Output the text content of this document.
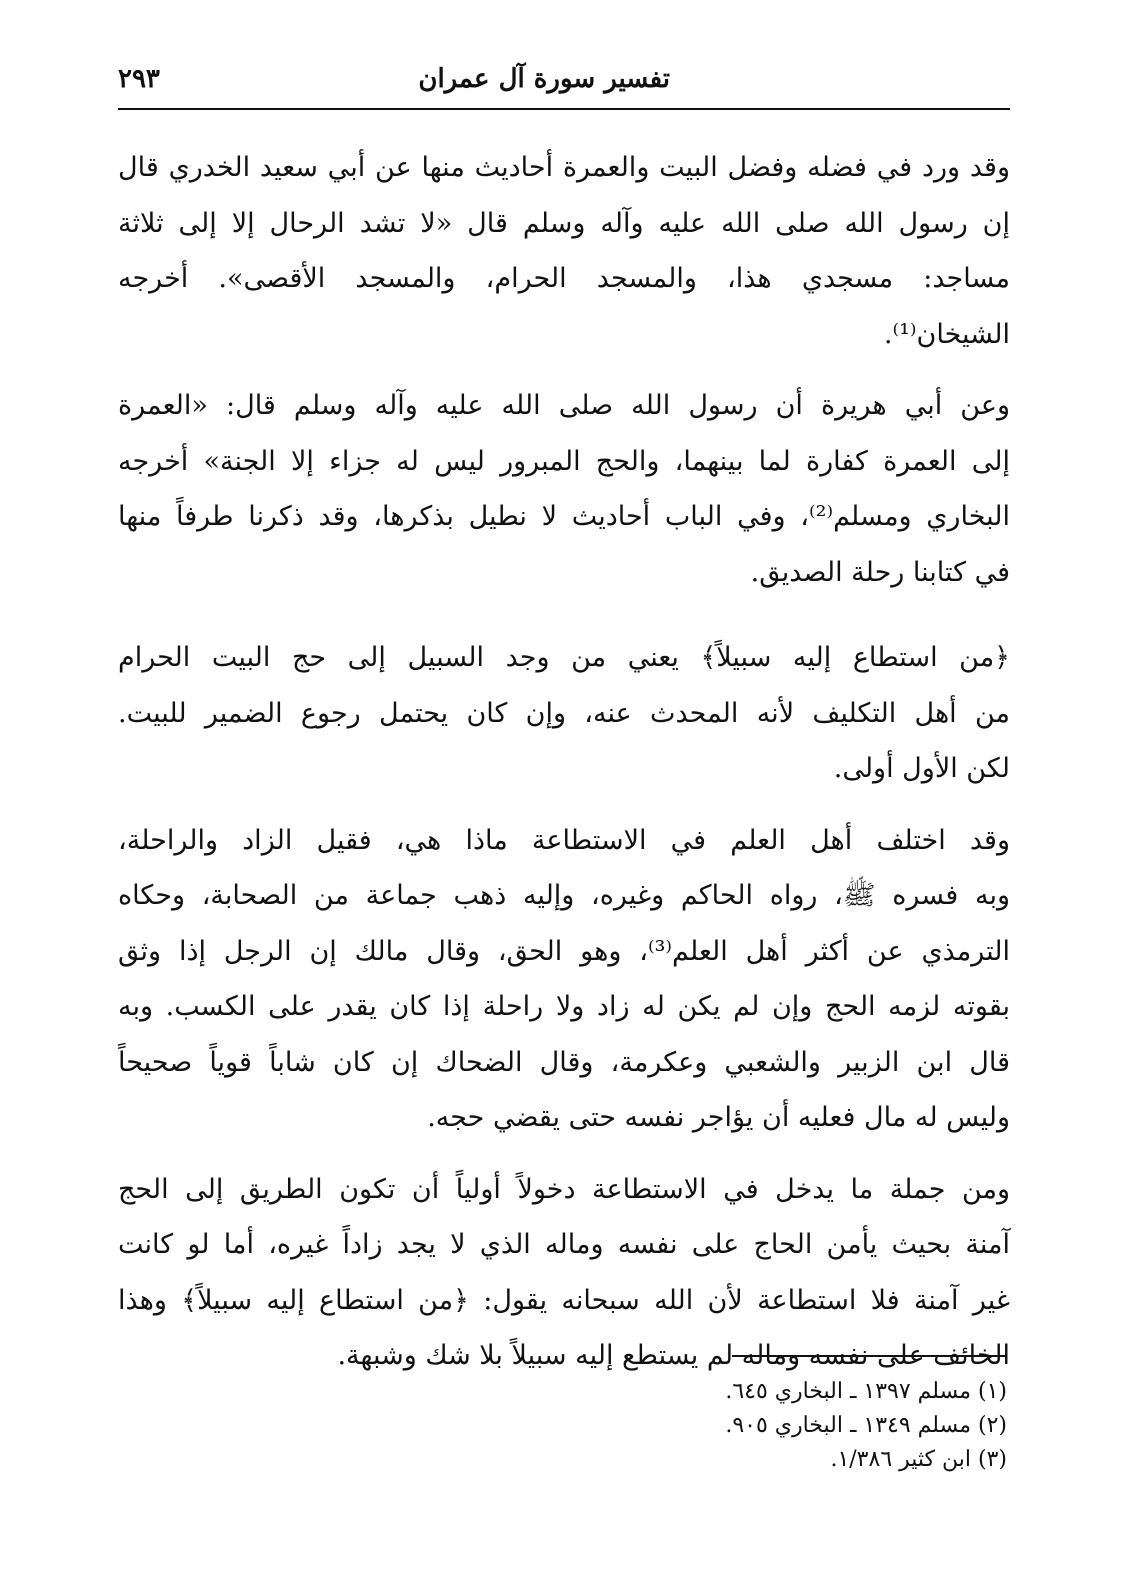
تفسير سورة آل عمران
٢٩٣

وقد ورد في فضله وفضل البيت والعمرة أحاديث منها عن أبي سعيد الخدري قال
إن رسول الله صلى الله عليه وآله وسلم قال «لا تشد الرحال إلا إلى ثلاثة
مساجد: مسجدي هذا، والمسجد الحرام، والمسجد الأقصى». أخرجه
الشيخان⁽¹⁾.

وعن أبي هريرة أن رسول الله صلى الله عليه وآله وسلم قال: «العمرة
إلى العمرة كفارة لما بينهما، والحج المبرور ليس له جزاء إلا الجنة» أخرجه
البخاري ومسلم⁽²⁾، وفي الباب أحاديث لا نطيل بذكرها، وقد ذكرنا طرفاً منها
في كتابنا رحلة الصديق.

﴿من استطاع إليه سبيلاً﴾ يعني من وجد السبيل إلى حج البيت الحرام
من أهل التكليف لأنه المحدث عنه، وإن كان يحتمل رجوع الضمير للبيت.
لكن الأول أولى.

وقد اختلف أهل العلم في الاستطاعة ماذا هي، فقيل الزاد والراحلة،
وبه فسره ﷺ، رواه الحاكم وغيره، وإليه ذهب جماعة من الصحابة، وحكاه
الترمذي عن أكثر أهل العلم⁽³⁾، وهو الحق، وقال مالك إن الرجل إذا وثق
بقوته لزمه الحج وإن لم يكن له زاد ولا راحلة إذا كان يقدر على الكسب. وبه
قال ابن الزبير والشعبي وعكرمة، وقال الضحاك إن كان شاباً قوياً صحيحاً
وليس له مال فعليه أن يؤاجر نفسه حتى يقضي حجه.

ومن جملة ما يدخل في الاستطاعة دخولاً أولياً أن تكون الطريق إلى الحج
آمنة بحيث يأمن الحاج على نفسه وماله الذي لا يجد زاداً غيره، أما لو كانت
غير آمنة فلا استطاعة لأن الله سبحانه يقول: ﴿من استطاع إليه سبيلاً﴾ وهذا
الخائف على نفسه وماله لم يستطع إليه سبيلاً بلا شك وشبهة.

(١) مسلم ١٣٩٧ ـ البخاري ٦٤٥.
(٢) مسلم ١٣٤٩ ـ البخاري ٩٠٥.
(٣) ابن كثير ١/٣٨٦.
